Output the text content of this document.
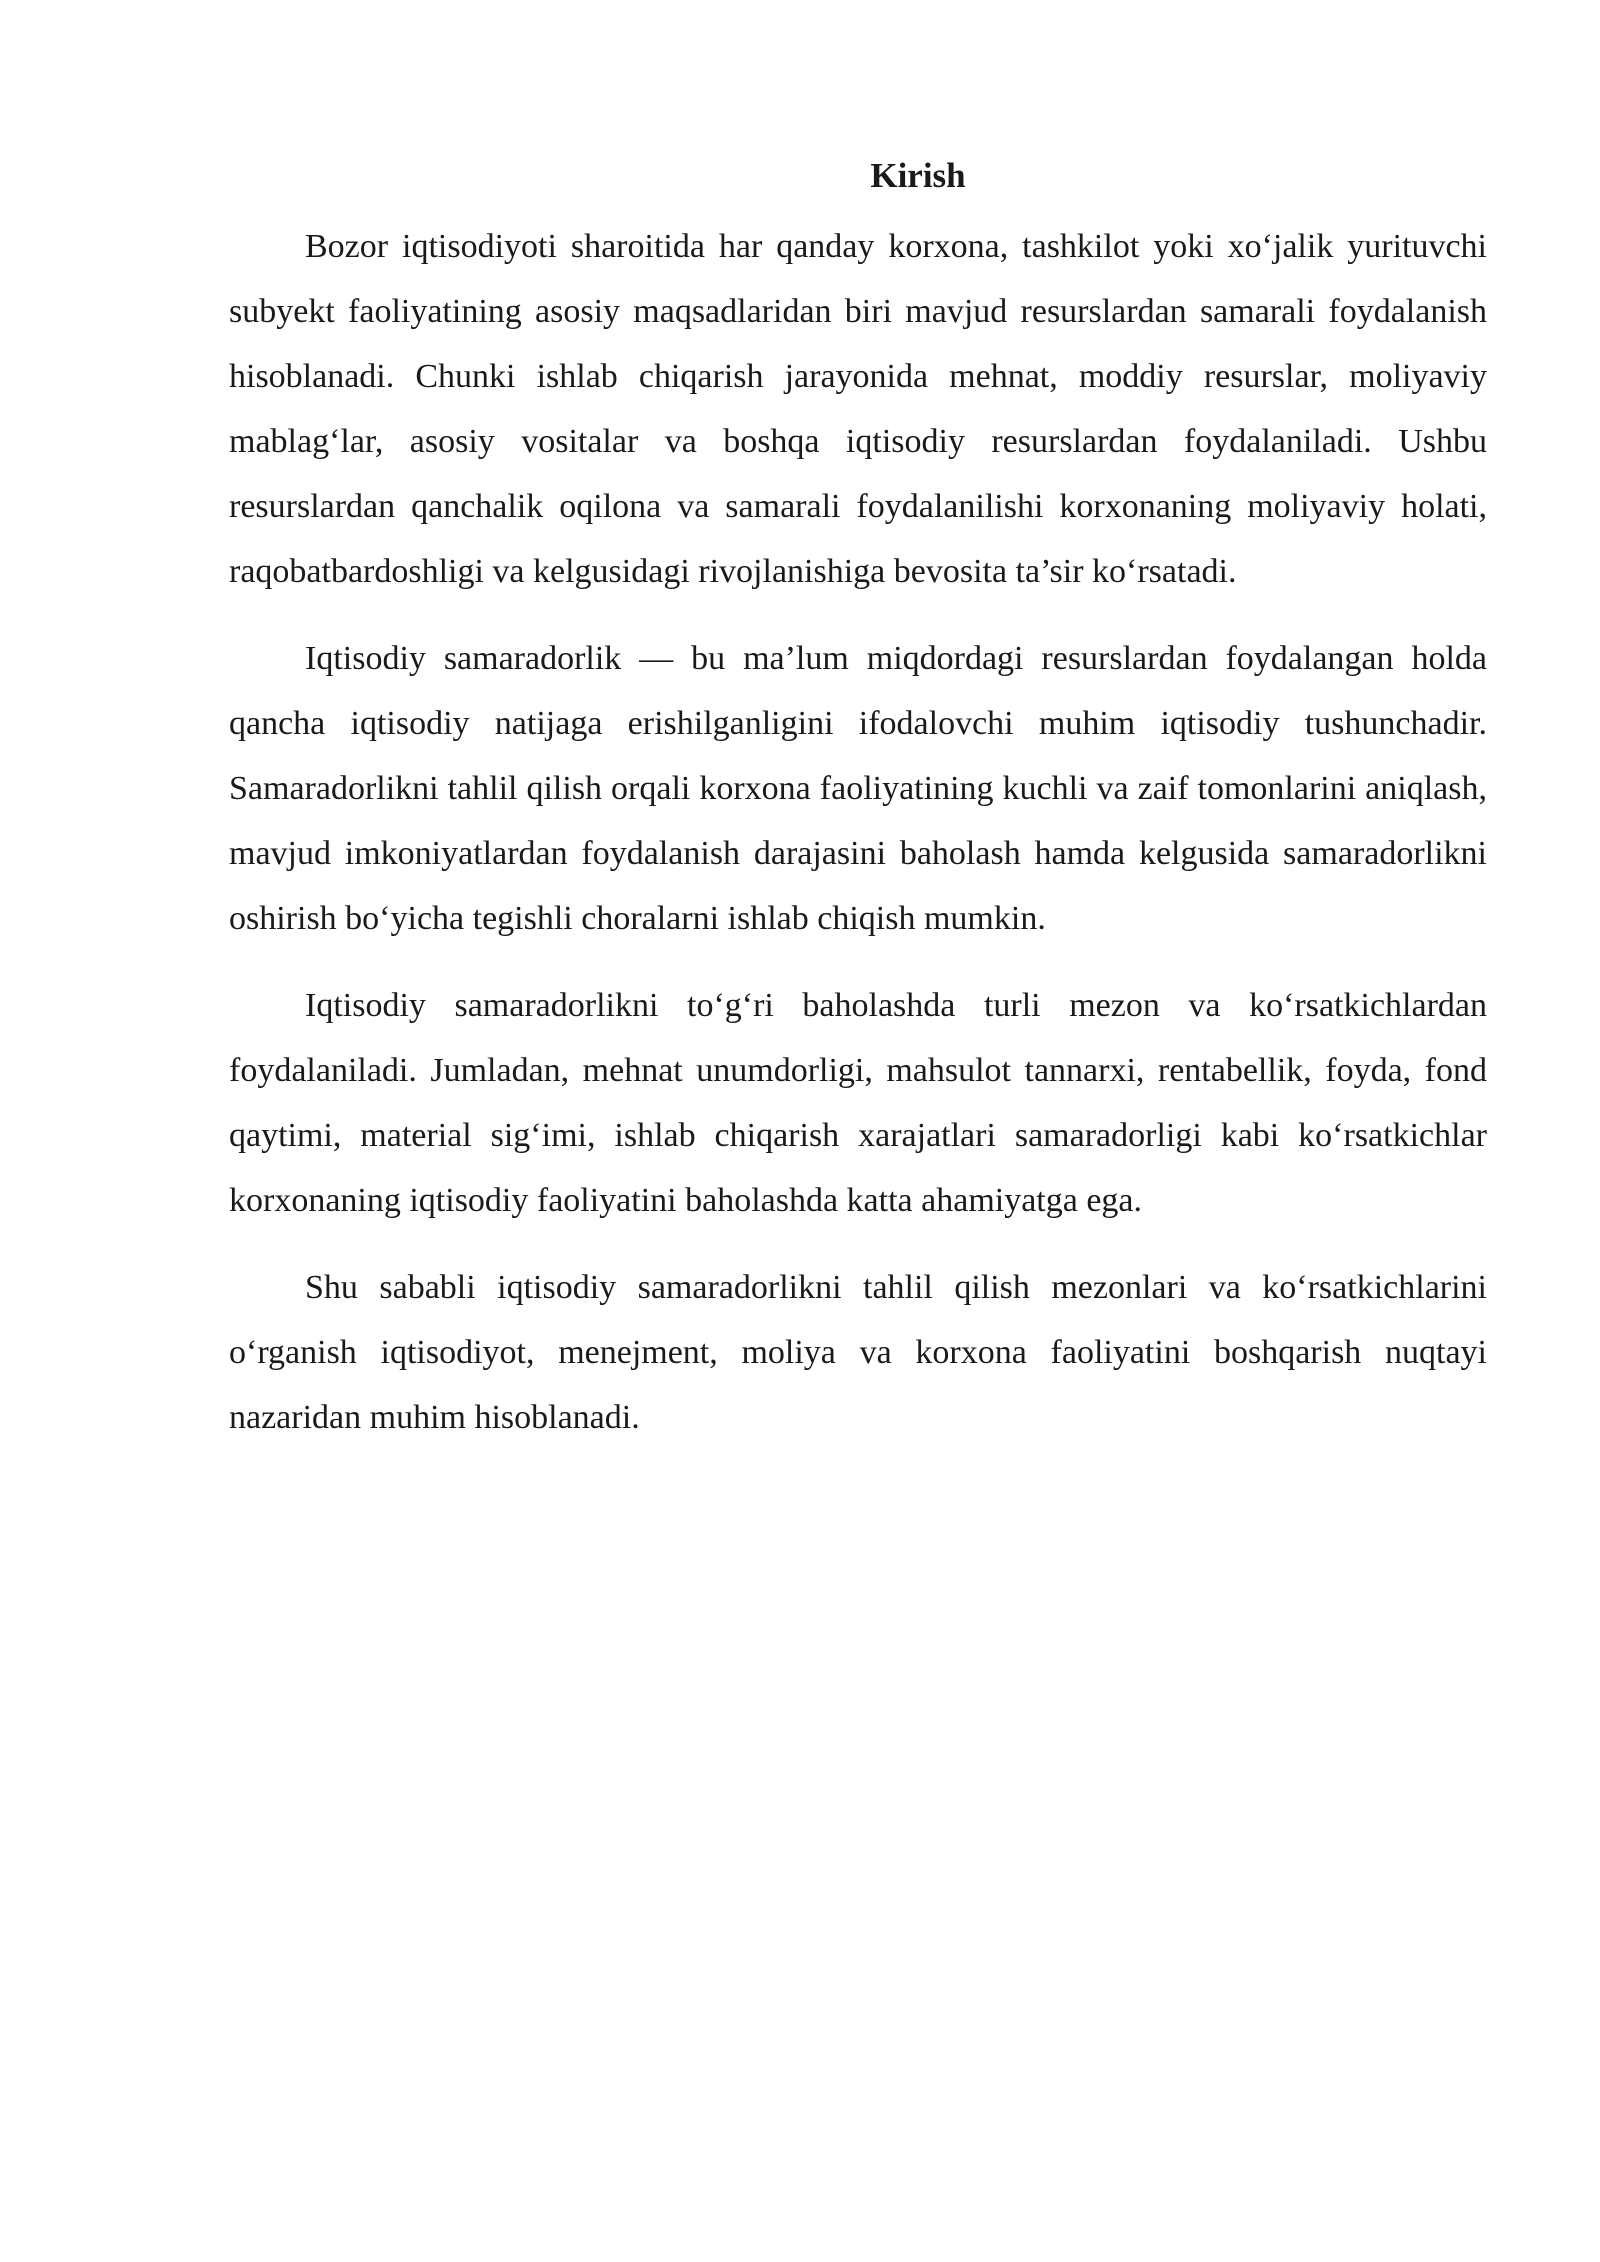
Kirish

Bozor iqtisodiyoti sharoitida har qanday korxona, tashkilot yoki xo‘jalik yurituvchi subyekt faoliyatining asosiy maqsadlaridan biri mavjud resurslardan samarali foydalanish hisoblanadi. Chunki ishlab chiqarish jarayonida mehnat, moddiy resurslar, moliyaviy mablag‘lar, asosiy vositalar va boshqa iqtisodiy resurslardan foydalaniladi. Ushbu resurslardan qanchalik oqilona va samarali foydalanilishi korxonaning moliyaviy holati, raqobatbardoshligi va kelgusidagi rivojlanishiga bevosita ta’sir ko‘rsatadi.

Iqtisodiy samaradorlik — bu ma’lum miqdordagi resurslardan foydalangan holda qancha iqtisodiy natijaga erishilganligini ifodalovchi muhim iqtisodiy tushunchadir. Samaradorlikni tahlil qilish orqali korxona faoliyatining kuchli va zaif tomonlarini aniqlash, mavjud imkoniyatlardan foydalanish darajasini baholash hamda kelgusida samaradorlikni oshirish bo‘yicha tegishli choralarni ishlab chiqish mumkin.

Iqtisodiy samaradorlikni to‘g‘ri baholashda turli mezon va ko‘rsatkichlardan foydalaniladi. Jumladan, mehnat unumdorligi, mahsulot tannarxi, rentabellik, foyda, fond qaytimi, material sig‘imi, ishlab chiqarish xarajatlari samaradorligi kabi ko‘rsatkichlar korxonaning iqtisodiy faoliyatini baholashda katta ahamiyatga ega.

Shu sababli iqtisodiy samaradorlikni tahlil qilish mezonlari va ko‘rsatkichlarini o‘rganish iqtisodiyot, menejment, moliya va korxona faoliyatini boshqarish nuqtayi nazaridan muhim hisoblanadi.
